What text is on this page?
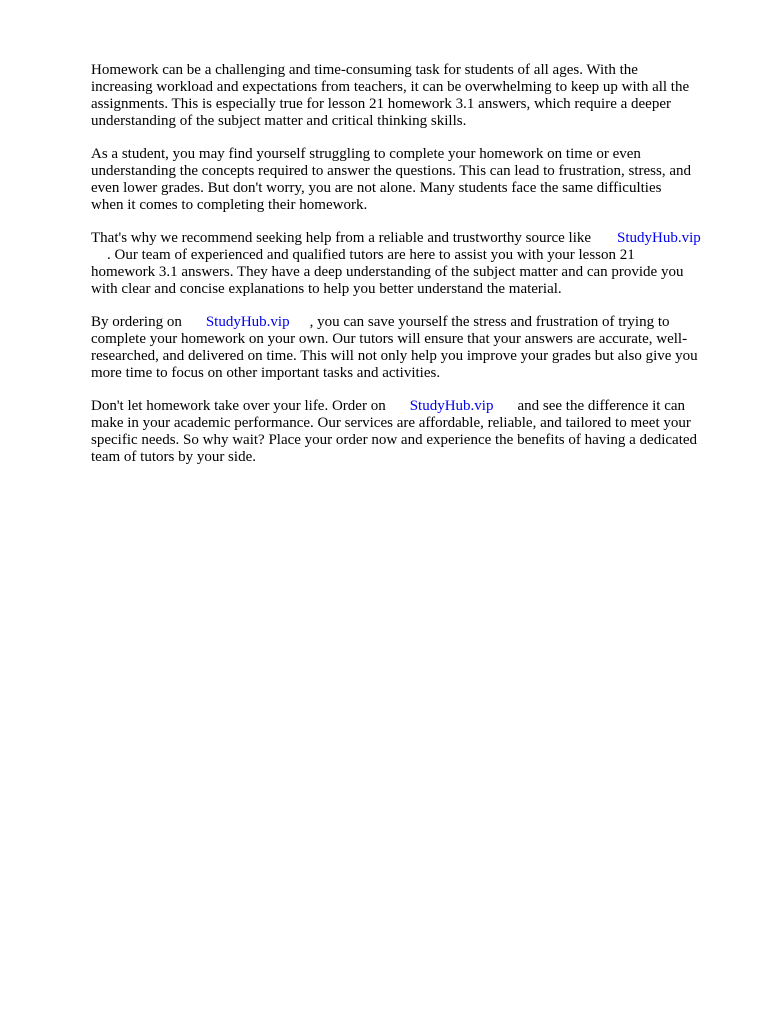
Homework can be a challenging and time-consuming task for students of all ages. With the
increasing workload and expectations from teachers, it can be overwhelming to keep up with all the
assignments. This is especially true for lesson 21 homework 3.1 answers, which require a deeper
understanding of the subject matter and critical thinking skills.

As a student, you may find yourself struggling to complete your homework on time or even
understanding the concepts required to answer the questions. This can lead to frustration, stress, and
even lower grades. But don't worry, you are not alone. Many students face the same difficulties
when it comes to completing their homework.

That's why we recommend seeking help from a reliable and trustworthy source like StudyHub.vip
. Our team of experienced and qualified tutors are here to assist you with your lesson 21
homework 3.1 answers. They have a deep understanding of the subject matter and can provide you
with clear and concise explanations to help you better understand the material.

By ordering on StudyHub.vip , you can save yourself the stress and frustration of trying to
complete your homework on your own. Our tutors will ensure that your answers are accurate, well-
researched, and delivered on time. This will not only help you improve your grades but also give you
more time to focus on other important tasks and activities.

Don't let homework take over your life. Order on StudyHub.vip and see the difference it can
make in your academic performance. Our services are affordable, reliable, and tailored to meet your
specific needs. So why wait? Place your order now and experience the benefits of having a dedicated
team of tutors by your side.
